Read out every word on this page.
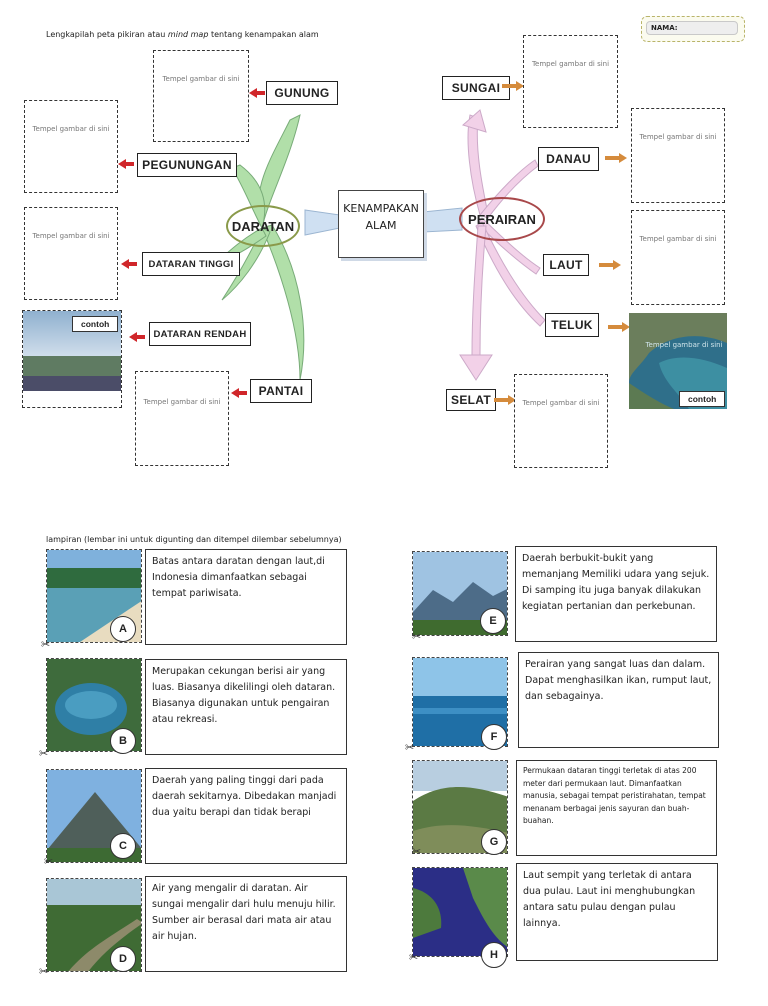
Lengkapilah peta pikiran atau mind map tentang kenampakan alam
NAMA:
KENAMPAKAN
ALAM
DARATAN	PERAIRAN
Tempel gambar di sini
GUNUNG
Tempel gambar di sini
PEGUNUNGAN
Tempel gambar di sini
DATARAN TINGGI
contoh
DATARAN RENDAH
Tempel gambar di sini
PANTAI
SUNGAI
Tempel gambar di sini
DANAU
Tempel gambar di sini
LAUT
Tempel gambar di sini
TELUK
Tempel gambar di sini
contoh
SELAT	Tempel gambar di sini
lampiran (lembar ini untuk digunting dan ditempel dilembar sebelumnya)
✂
A
Batas antara daratan dengan laut,di Indonesia dimanfaatkan sebagai tempat pariwisata.
✂
B
Merupakan cekungan berisi air yang luas. Biasanya dikelilingi oleh dataran. Biasanya digunakan untuk pengairan atau rekreasi.
✂
C
Daerah yang paling tinggi dari pada daerah sekitarnya. Dibedakan manjadi dua yaitu berapi dan tidak berapi
✂
D
Air yang mengalir di daratan. Air sungai mengalir dari hulu menuju hilir. Sumber air berasal dari mata air atau air hujan.
✂
E
Daerah berbukit-bukit yang memanjang Memiliki udara yang sejuk. Di samping itu juga banyak dilakukan kegiatan pertanian dan perkebunan.
✂
F
Perairan yang sangat luas dan dalam. Dapat menghasilkan ikan, rumput laut, dan sebagainya.
✂
G
Permukaan dataran tinggi terletak di atas 200 meter dari permukaan laut. Dimanfaatkan manusia, sebagai tempat peristirahatan, tempat menanam berbagai jenis sayuran dan buah-buahan.
✂	H
Laut sempit yang terletak di antara dua pulau. Laut ini menghubungkan antara satu pulau dengan pulau lainnya.
